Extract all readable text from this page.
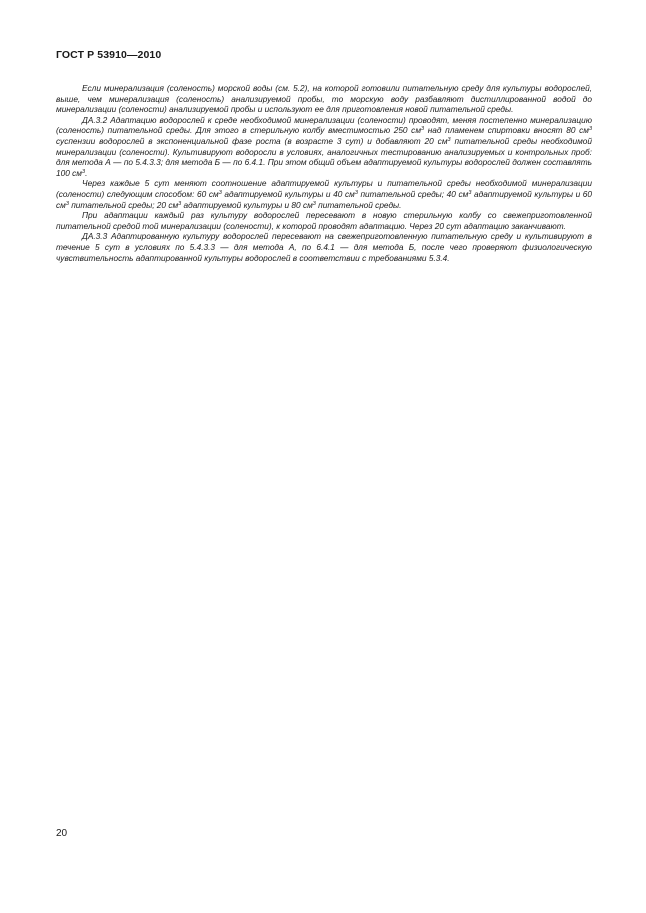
ГОСТ Р 53910—2010

Если минерализация (соленость) морской воды (см. 5.2), на которой готовили питательную среду для культуры водорослей, выше, чем минерализация (соленость) анализируемой пробы, то морскую воду разбавляют дистиллированной водой до минерализации (солености) анализируемой пробы и используют ее для приготовления новой питательной среды.

ДА.3.2 Адаптацию водорослей к среде необходимой минерализации (солености) проводят, меняя постепенно минерализацию (соленость) питательной среды. Для этого в стерильную колбу вместимостью 250 $см^3$ над пламенем спиртовки вносят 80 $см^3$ суспензии водорослей в экспоненциальной фазе роста (в возрасте 3 сут) и добавляют 20 $см^3$ питательной среды необходимой минерализации (солености). Культивируют водоросли в условиях, аналогичных тестированию анализируемых и контрольных проб: для метода А — по 5.4.3.3; для метода Б — по 6.4.1. При этом общий объем адаптируемой культуры водорослей должен составлять 100 $см^3$.

Через каждые 5 сут меняют соотношение адаптируемой культуры и питательной среды необходимой минерализации (солености) следующим способом: 60 $см^3$ адаптируемой культуры и 40 $см^3$ питательной среды; 40 $см^3$ адаптируемой культуры и 60 $см^3$ питательной среды; 20 $см^3$ адаптируемой культуры и 80 $см^3$ питательной среды.

При адаптации каждый раз культуру водорослей пересевают в новую стерильную колбу со свежеприготовленной питательной средой той минерализации (солености), к которой проводят адаптацию. Через 20 сут адаптацию заканчивают.

ДА.3.3 Адаптированную культуру водорослей пересевают на свежеприготовленную питательную среду и культивируют в течение 5 сут в условиях по 5.4.3.3 — для метода А, по 6.4.1 — для метода Б, после чего проверяют физиологическую чувствительность адаптированной культуры водорослей в соответствии с требованиями 5.3.4.

20
